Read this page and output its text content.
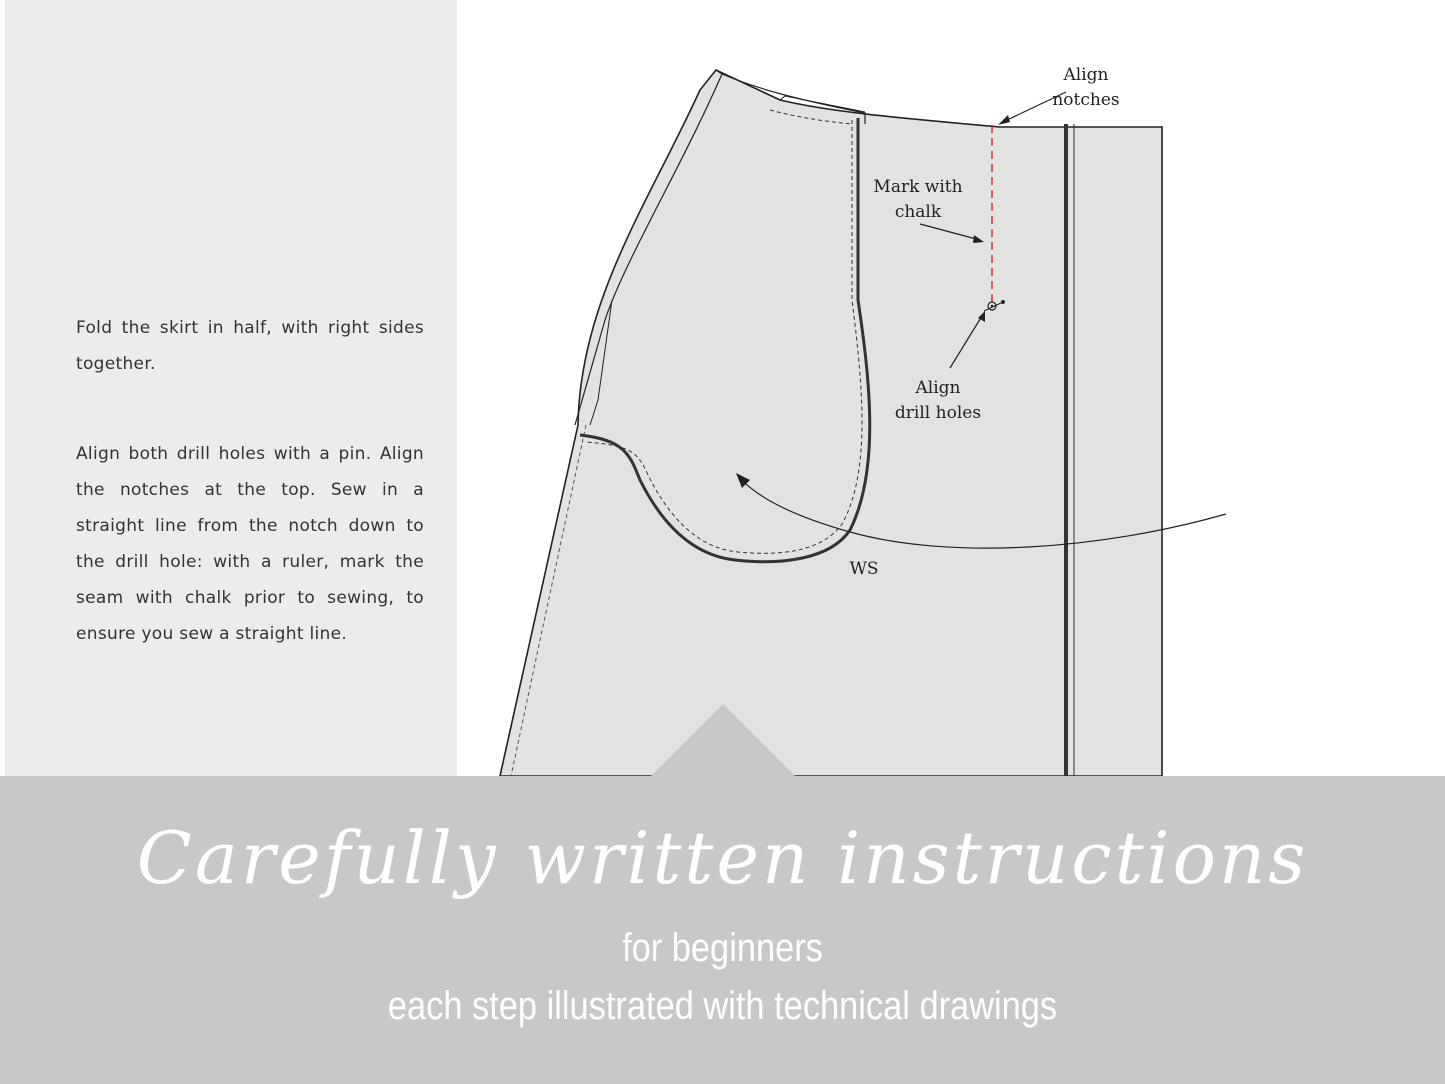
Fold the skirt in half, with right sides together.

Align both drill holes with a pin. Align the notches at the top. Sew in a straight line from the notch down to the drill hole: with a ruler, mark the seam with chalk prior to sewing, to ensure you sew a straight line.

Align
notches
Mark with
chalk
Align
drill holes
WS
Carefully written instructions
for beginners
each step illustrated with technical drawings
